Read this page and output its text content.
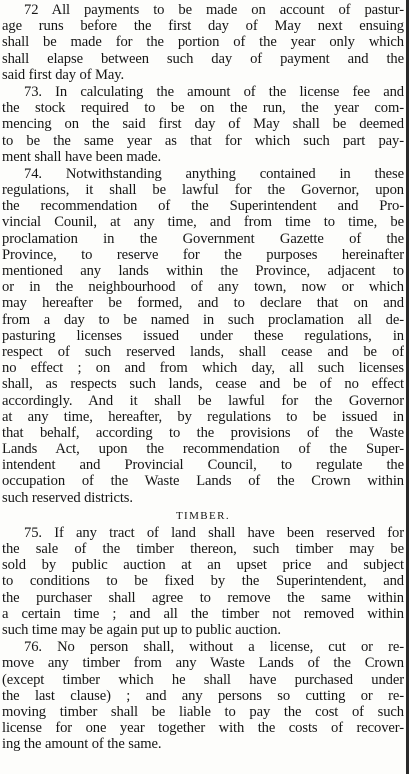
72 All payments to be made on account of pastur-
age runs before the first day of May next ensuing
shall be made for the portion of the year only which
shall elapse between such day of payment and the
said first day of May.
73. In calculating the amount of the license fee and
the stock required to be on the run, the year com-
mencing on the said first day of May shall be deemed
to be the same year as that for which such part pay-
ment shall have been made.
74. Notwithstanding anything contained in these
regulations, it shall be lawful for the Governor, upon
the recommendation of the Superintendent and Pro-
vincial Counil, at any time, and from time to time, be
proclamation in the Government Gazette of the
Province, to reserve for the purposes hereinafter
mentioned any lands within the Province, adjacent to
or in the neighbourhood of any town, now or which
may hereafter be formed, and to declare that on and
from a day to be named in such proclamation all de-
pasturing licenses issued under these regulations, in
respect of such reserved lands, shall cease and be of
no effect ; on and from which day, all such licenses
shall, as respects such lands, cease and be of no effect
accordingly. And it shall be lawful for the Governor
at any time, hereafter, by regulations to be issued in
that behalf, according to the provisions of the Waste
Lands Act, upon the recommendation of the Super-
intendent and Provincial Council, to regulate the
occupation of the Waste Lands of the Crown within
such reserved districts.
TIMBER.
75. If any tract of land shall have been reserved for
the sale of the timber thereon, such timber may be
sold by public auction at an upset price and subject
to conditions to be fixed by the Superintendent, and
the purchaser shall agree to remove the same within
a certain time ; and all the timber not removed within
such time may be again put up to public auction.
76. No person shall, without a license, cut or re-
move any timber from any Waste Lands of the Crown
(except timber which he shall have purchased under
the last clause) ; and any persons so cutting or re-
moving timber shall be liable to pay the cost of such
license for one year together with the costs of recover-
ing the amount of the same.
